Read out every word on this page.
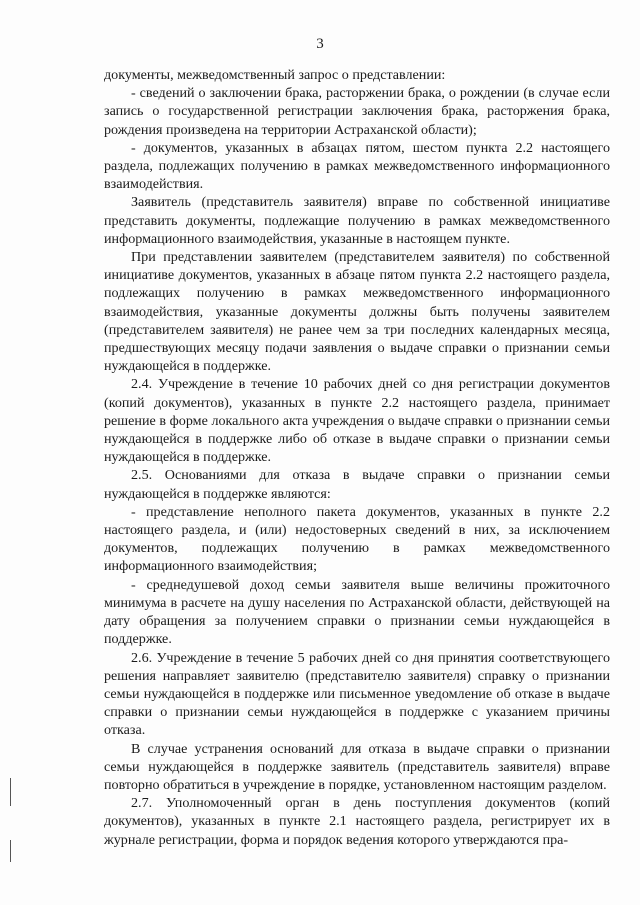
3

документы, межведомственный запрос о представлении:

- сведений о заключении брака, расторжении брака, о рождении (в случае если запись о государственной регистрации заключения брака, расторжения брака, рождения произведена на территории Астраханской области);

- документов, указанных в абзацах пятом, шестом пункта 2.2 настоящего раздела, подлежащих получению в рамках межведомственного информационного взаимодействия.

Заявитель (представитель заявителя) вправе по собственной инициативе представить документы, подлежащие получению в рамках межведомственного информационного взаимодействия, указанные в настоящем пункте.

При представлении заявителем (представителем заявителя) по собственной инициативе документов, указанных в абзаце пятом пункта 2.2 настоящего раздела, подлежащих получению в рамках межведомственного информационного взаимодействия, указанные документы должны быть получены заявителем (представителем заявителя) не ранее чем за три последних календарных месяца, предшествующих месяцу подачи заявления о выдаче справки о признании семьи нуждающейся в поддержке.

2.4. Учреждение в течение 10 рабочих дней со дня регистрации документов (копий документов), указанных в пункте 2.2 настоящего раздела, принимает решение в форме локального акта учреждения о выдаче справки о признании семьи нуждающейся в поддержке либо об отказе в выдаче справки о признании семьи нуждающейся в поддержке.

2.5. Основаниями для отказа в выдаче справки о признании семьи нуждающейся в поддержке являются:

- представление неполного пакета документов, указанных в пункте 2.2 настоящего раздела, и (или) недостоверных сведений в них, за исключением документов, подлежащих получению в рамках межведомственного информационного взаимодействия;

- среднедушевой доход семьи заявителя выше величины прожиточного минимума в расчете на душу населения по Астраханской области, действующей на дату обращения за получением справки о признании семьи нуждающейся в поддержке.

2.6. Учреждение в течение 5 рабочих дней со дня принятия соответствующего решения направляет заявителю (представителю заявителя) справку о признании семьи нуждающейся в поддержке или письменное уведомление об отказе в выдаче справки о признании семьи нуждающейся в поддержке с указанием причины отказа.

В случае устранения оснований для отказа в выдаче справки о признании семьи нуждающейся в поддержке заявитель (представитель заявителя) вправе повторно обратиться в учреждение в порядке, установленном настоящим разделом.

2.7. Уполномоченный орган в день поступления документов (копий документов), указанных в пункте 2.1 настоящего раздела, регистрирует их в журнале регистрации, форма и порядок ведения которого утверждаются пра-
